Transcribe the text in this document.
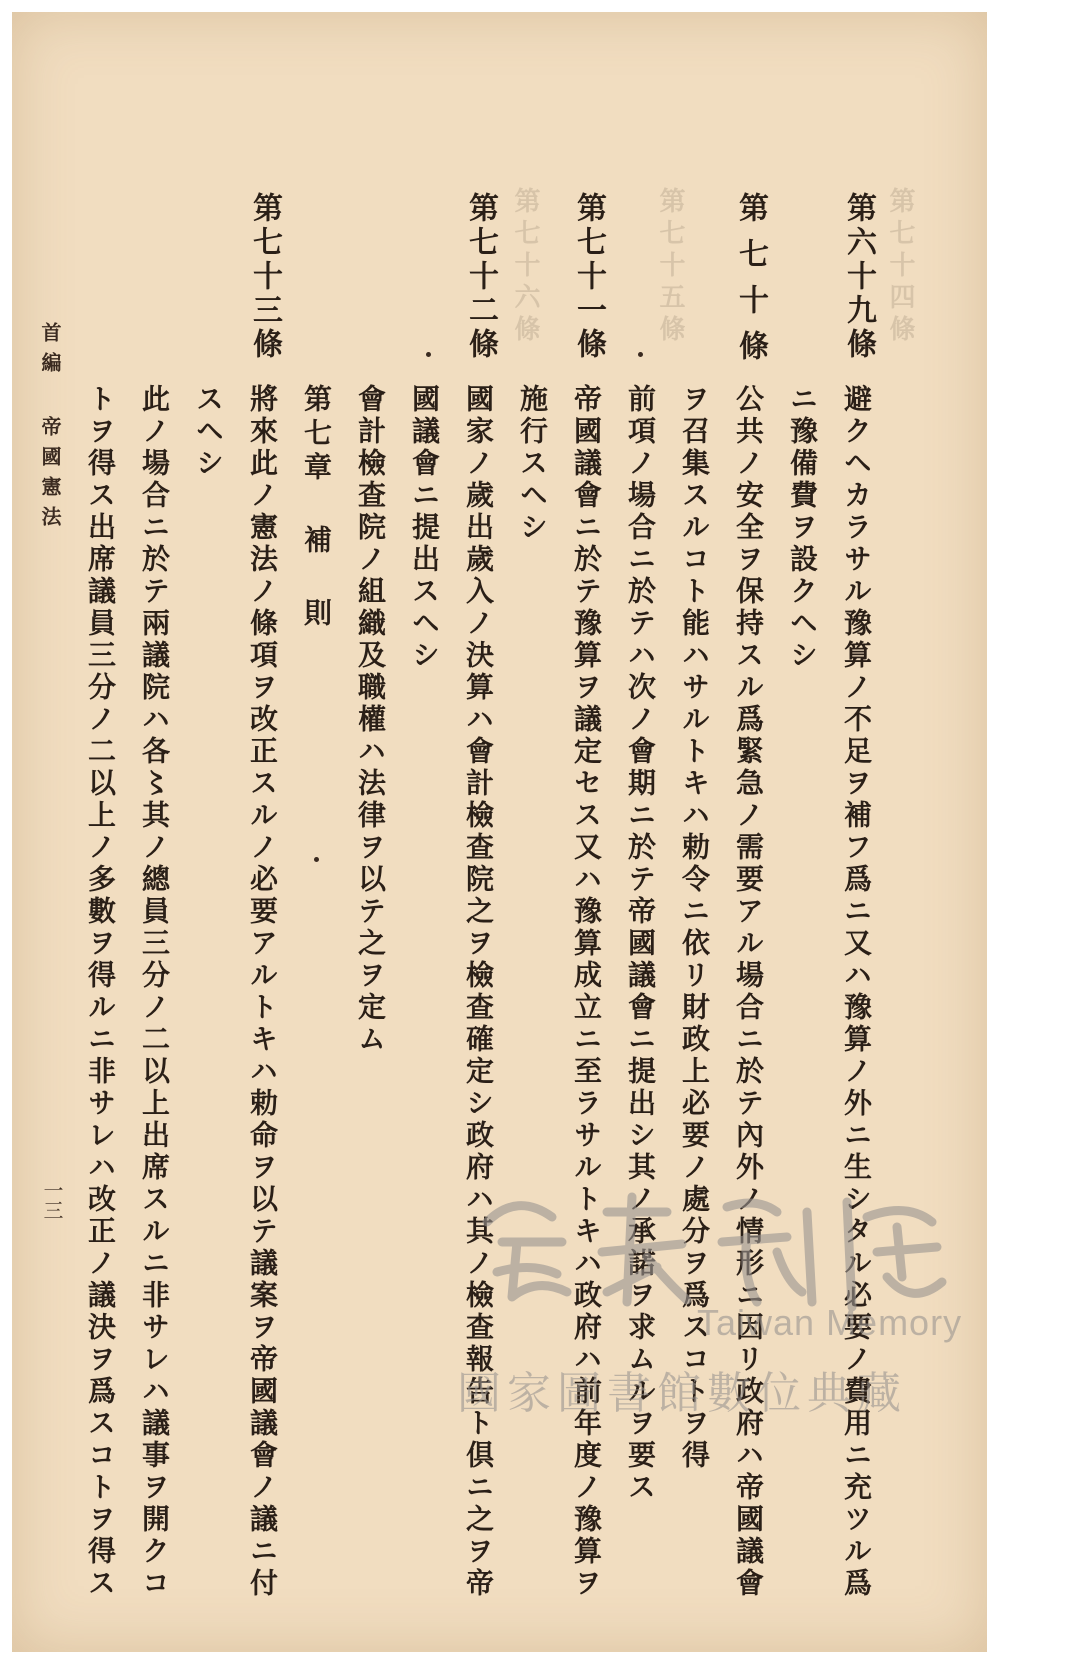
第七十四條
第七十五條
第七十六條	第六十九條
避クヘカラサル豫算ノ不足ヲ補フ爲ニ又ハ豫算ノ外ニ生シタル必要ノ費用ニ充ツル爲
ニ豫備費ヲ設クヘシ
第七十條
公共ノ安全ヲ保持スル爲緊急ノ需要アル場合ニ於テ內外ノ情形ニ因リ政府ハ帝國議會
ヲ召集スルコト能ハサルトキハ勅令ニ依リ財政上必要ノ處分ヲ爲スコトヲ得
前項ノ場合ニ於テハ次ノ會期ニ於テ帝國議會ニ提出シ其ノ承諾ヲ求ムルヲ要ス
第七十一條
帝國議會ニ於テ豫算ヲ議定セス又ハ豫算成立ニ至ラサルトキハ政府ハ前年度ノ豫算ヲ
施行スヘシ
第七十二條
國家ノ歲出歲入ノ決算ハ會計檢查院之ヲ檢查確定シ政府ハ其ノ檢查報告ト倶ニ之ヲ帝
國議會ニ提出スヘシ
會計檢查院ノ組織及職權ハ法律ヲ以テ之ヲ定ム
第七章 補 則
第七十三條
將來此ノ憲法ノ條項ヲ改正スルノ必要アルトキハ勅命ヲ以テ議案ヲ帝國議會ノ議ニ付
スヘシ
此ノ場合ニ於テ兩議院ハ各〻其ノ總員三分ノ二以上出席スルニ非サレハ議事ヲ開クコ
トヲ得ス出席議員三分ノ二以上ノ多數ヲ得ルニ非サレハ改正ノ議決ヲ爲スコトヲ得ス
首編 帝國憲法
一三
Taiwan Memory
國家圖書館數位典藏
